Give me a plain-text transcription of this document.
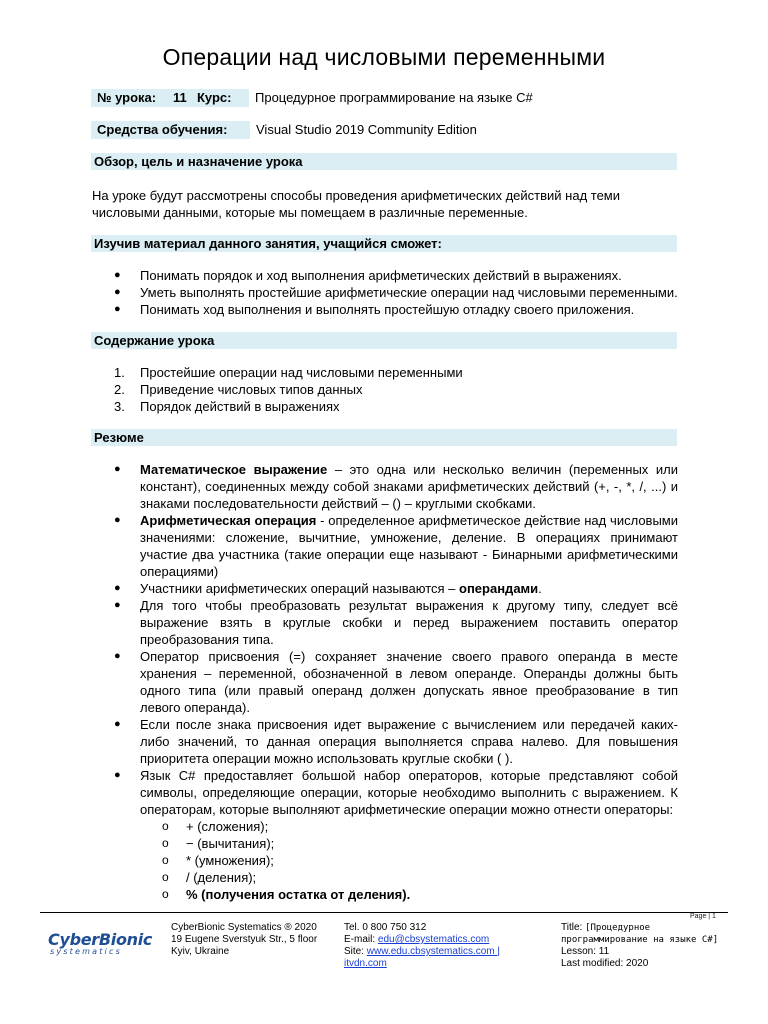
Операции над числовыми переменными
№ урока:	11 Курс:	Процедурное программирование на языке C#
Средства обучения:	Visual Studio 2019 Community Edition
Обзор, цель и назначение урока
На уроке будут рассмотрены способы проведения арифметических действий над теми числовыми данными, которые мы помещаем в различные переменные.
Изучив материал данного занятия, учащийся сможет:
● Понимать порядок и ход выполнения арифметических действий в выражениях.
● Уметь выполнять простейшие арифметические операции над числовыми переменными.
● Понимать ход выполнения и выполнять простейшую отладку своего приложения.
Содержание урока
1. Простейшие операции над числовыми переменными
2. Приведение числовых типов данных
3. Порядок действий в выражениях
Резюме
● Математическое выражение – это одна или несколько величин (переменных или констант), соединенных между собой знаками арифметических действий (+, -, *, /, ...) и знаками последовательности действий – () – круглыми скобками.
● Арифметическая операция - определенное арифметическое действие над числовыми значениями: сложение, вычитние, умножение, деление. В операциях принимают участие два участника (такие операции еще называют - Бинарными арифметическими операциями)
● Участники арифметических операций называются – операндами.
● Для того чтобы преобразовать результат выражения к другому типу, следует всё выражение взять в круглые скобки и перед выражением поставить оператор преобразования типа.
● Оператор присвоения (=) сохраняет значение своего правого операнда в месте хранения – переменной, обозначенной в левом операнде. Операнды должны быть одного типа (или правый операнд должен допускать явное преобразование в тип левого операнда).
● Если после знака присвоения идет выражение с вычислением или передачей каких-либо значений, то данная операция выполняется справа налево. Для повышения приоритета операции можно использовать круглые скобки ( ).
● Язык C# предоставляет большой набор операторов, которые представляют собой символы, определяющие операции, которые необходимо выполнить с выражением. К операторам, которые выполняют арифметические операции можно отнести операторы:
o + (сложения);
o − (вычитания);
o * (умножения);
o / (деления);
o % (получения остатка от деления).
Page | 1
CyberBionic
systematics
CyberBionic Systematics ® 2020
19 Eugene Sverstyuk Str., 5 floor
Kyiv, Ukraine
Tel. 0 800 750 312
E-mail: edu@cbsystematics.com
Site: www.edu.cbsystematics.com |
itvdn.com
Title: [Процедурное программирование на языке C#]
Lesson: 11
Last modified: 2020
